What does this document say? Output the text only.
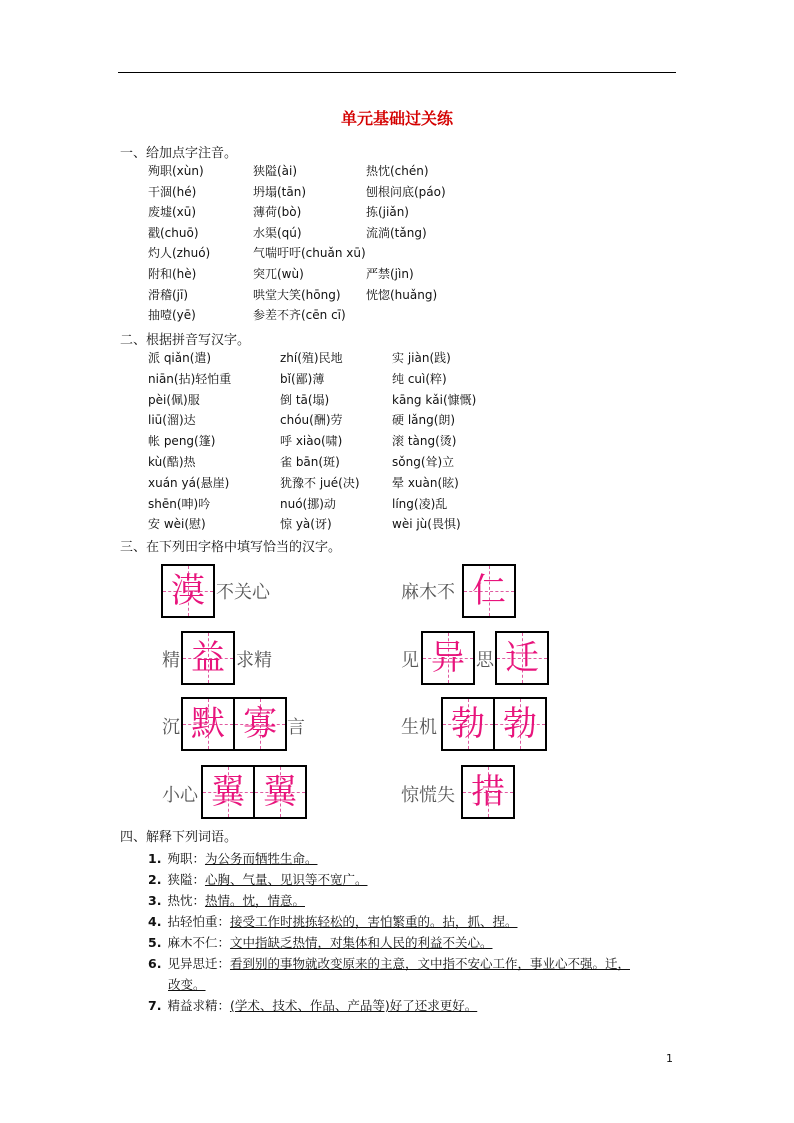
单元基础过关练
一、给加点字注音。
殉职(xùn)	狭隘(ài)	热忱(chén)
干涸(hé)	坍塌(tān)	刨根问底(páo)
废墟(xū)	薄荷(bò)	拣(jiǎn)
戳(chuō)	水渠(qú)	流淌(tǎng)
灼人(zhuó)	气喘吁吁(chuǎn xū)
附和(hè)	突兀(wù)	严禁(jìn)
滑稽(jī)	哄堂大笑(hōng) 恍惚(huǎng)
抽噎(yē)	参差不齐(cēn cī)
二、根据拼音写汉字。
派 qiǎn(遣)	zhí(殖)民地	实 jiàn(践)
niān(拈)轻怕重	bǐ(鄙)薄	纯 cuì(粹)
pèi(佩)服	倒 tā(塌)	kāng kǎi(慷慨)
liū(溜)达	chóu(酬)劳	硬 lǎng(朗)
帐 peng(篷)	呼 xiào(啸)	滚 tàng(烫)
kù(酷)热	雀 bān(斑)	sǒng(耸)立
xuán yá(悬崖)	犹豫不 jué(决)	晕 xuàn(眩)
shēn(呻)吟	nuó(挪)动	líng(凌)乱
安 wèi(慰)	惊 yà(讶)	wèi jù(畏惧)
三、在下列田字格中填写恰当的汉字。
漠 不关心	麻木不 仁
精 益 求精	见 异 思 迁
沉 默 寡 言	生机 勃 勃
小心 翼 翼	惊慌失 措
四、解释下列词语。
1. 殉职：为公务而牺牲生命。
2. 狭隘：心胸、气量、见识等不宽广。
3. 热忱：热情。忱，情意。
4. 拈轻怕重：接受工作时挑拣轻松的，害怕繁重的。拈，抓、捏。
5. 麻木不仁：文中指缺乏热情，对集体和人民的利益不关心。
6. 见异思迁：看到别的事物就改变原来的主意，文中指不安心工作，事业心不强。迁，
改变。
7. 精益求精：(学术、技术、作品、产品等)好了还求更好。
1
